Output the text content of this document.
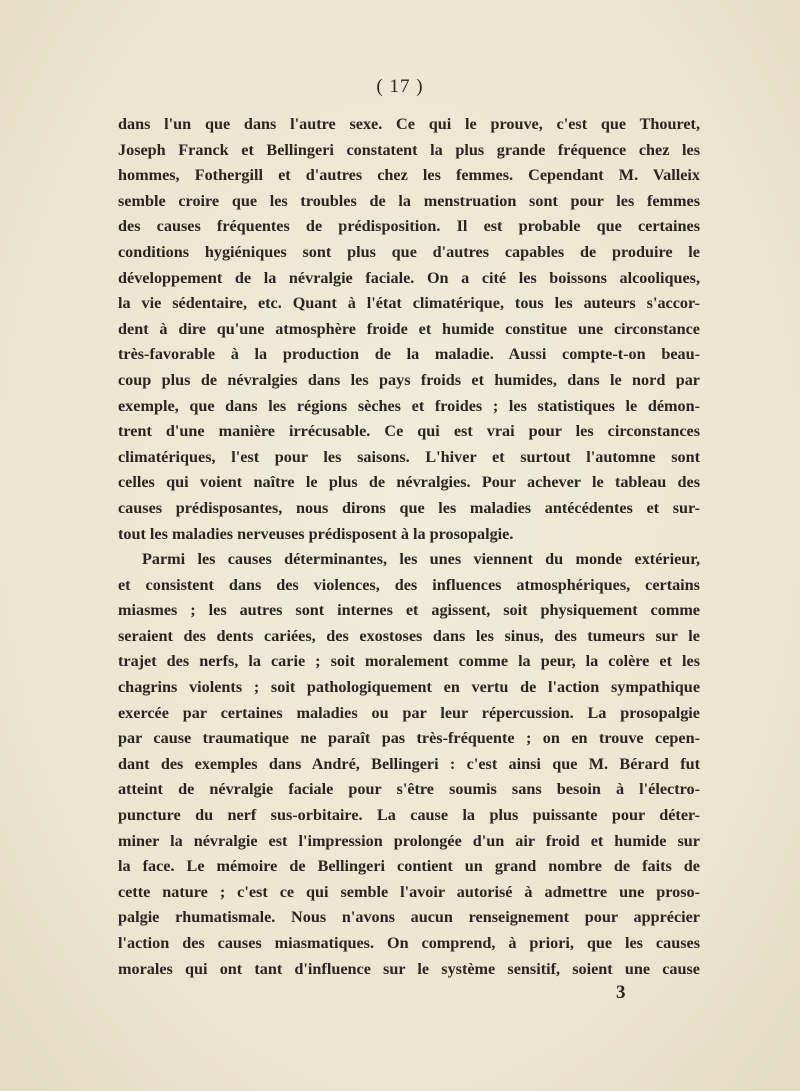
( 17 )
dans l'un que dans l'autre sexe. Ce qui le prouve, c'est que Thouret,
Joseph Franck et Bellingeri constatent la plus grande fréquence chez les
hommes, Fothergill et d'autres chez les femmes. Cependant M. Valleix
semble croire que les troubles de la menstruation sont pour les femmes
des causes fréquentes de prédisposition. Il est probable que certaines
conditions hygiéniques sont plus que d'autres capables de produire le
développement de la névralgie faciale. On a cité les boissons alcooliques,
la vie sédentaire, etc. Quant à l'état climatérique, tous les auteurs s'accor-
dent à dire qu'une atmosphère froide et humide constitue une circonstance
très-favorable à la production de la maladie. Aussi compte-t-on beau-
coup plus de névralgies dans les pays froids et humides, dans le nord par
exemple, que dans les régions sèches et froides ; les statistiques le démon-
trent d'une manière irrécusable. Ce qui est vrai pour les circonstances
climatériques, l'est pour les saisons. L'hiver et surtout l'automne sont
celles qui voient naître le plus de névralgies. Pour achever le tableau des
causes prédisposantes, nous dirons que les maladies antécédentes et sur-
tout les maladies nerveuses prédisposent à la prosopalgie.
Parmi les causes déterminantes, les unes viennent du monde extérieur,
et consistent dans des violences, des influences atmosphériques, certains
miasmes ; les autres sont internes et agissent, soit physiquement comme
seraient des dents cariées, des exostoses dans les sinus, des tumeurs sur le
trajet des nerfs, la carie ; soit moralement comme la peur, la colère et les
chagrins violents ; soit pathologiquement en vertu de l'action sympathique
exercée par certaines maladies ou par leur répercussion. La prosopalgie
par cause traumatique ne paraît pas très-fréquente ; on en trouve cepen-
dant des exemples dans André, Bellingeri : c'est ainsi que M. Bérard fut
atteint de névralgie faciale pour s'être soumis sans besoin à l'électro-
puncture du nerf sus-orbitaire. La cause la plus puissante pour déter-
miner la névralgie est l'impression prolongée d'un air froid et humide sur
la face. Le mémoire de Bellingeri contient un grand nombre de faits de
cette nature ; c'est ce qui semble l'avoir autorisé à admettre une proso-
palgie rhumatismale. Nous n'avons aucun renseignement pour apprécier
l'action des causes miasmatiques. On comprend, à priori, que les causes
morales qui ont tant d'influence sur le système sensitif, soient une cause
3
